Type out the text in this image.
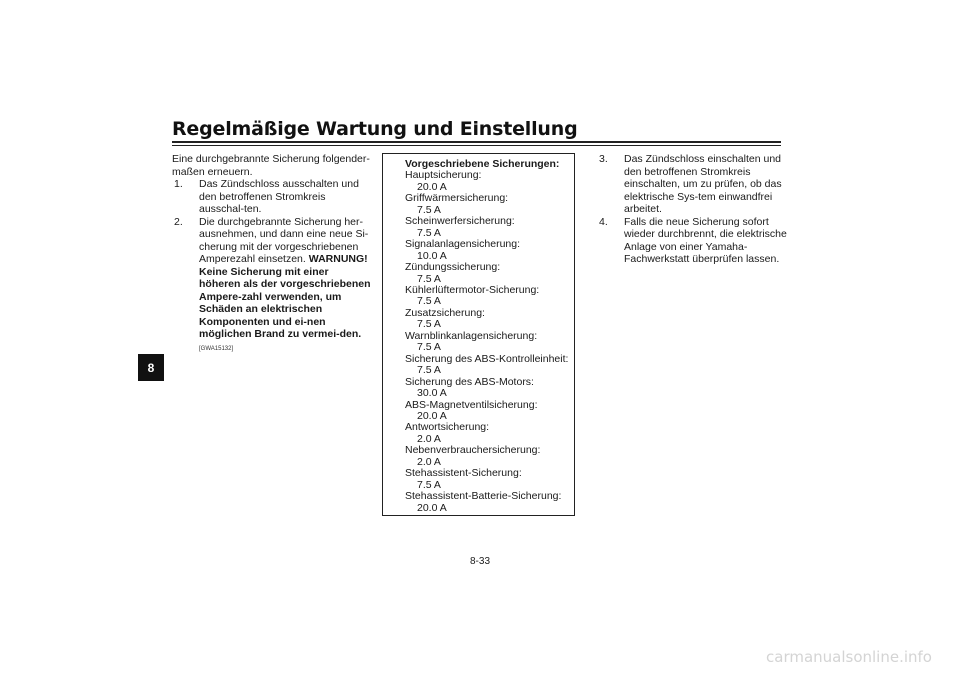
Regelmäßige Wartung und Einstellung
8
Eine durchgebrannte Sicherung folgender-maßen erneuern.
1.	Das Zündschloss ausschalten und den betroffenen Stromkreis ausschal-ten.
2.	Die durchgebrannte Sicherung her-ausnehmen, und dann eine neue Si-cherung mit der vorgeschriebenen Amperezahl einsetzen. WARNUNG! Keine Sicherung mit einer höheren als der vorgeschriebenen Ampere-zahl verwenden, um Schäden an elektrischen Komponenten und ei-nen möglichen Brand zu vermei-den. [GWA15132]
Vorgeschriebene Sicherungen:
Hauptsicherung:
20.0 A
Griffwärmersicherung:
7.5 A
Scheinwerfersicherung:
7.5 A
Signalanlagensicherung:
10.0 A
Zündungssicherung:
7.5 A
Kühlerlüftermotor-Sicherung:
7.5 A
Zusatzsicherung:
7.5 A
Warnblinkanlagensicherung:
7.5 A
Sicherung des ABS-Kontrolleinheit:
7.5 A
Sicherung des ABS-Motors:
30.0 A
ABS-Magnetventilsicherung:
20.0 A
Antwortsicherung:
2.0 A
Nebenverbrauchersicherung:
2.0 A
Stehassistent-Sicherung:
7.5 A
Stehassistent-Batterie-Sicherung:
20.0 A
3.	Das Zündschloss einschalten und den betroffenen Stromkreis einschalten, um zu prüfen, ob das elektrische Sys-tem einwandfrei arbeitet.
4.	Falls die neue Sicherung sofort wieder durchbrennt, die elektrische Anlage von einer Yamaha-Fachwerkstatt überprüfen lassen.
8-33
carmanualsonline.info
